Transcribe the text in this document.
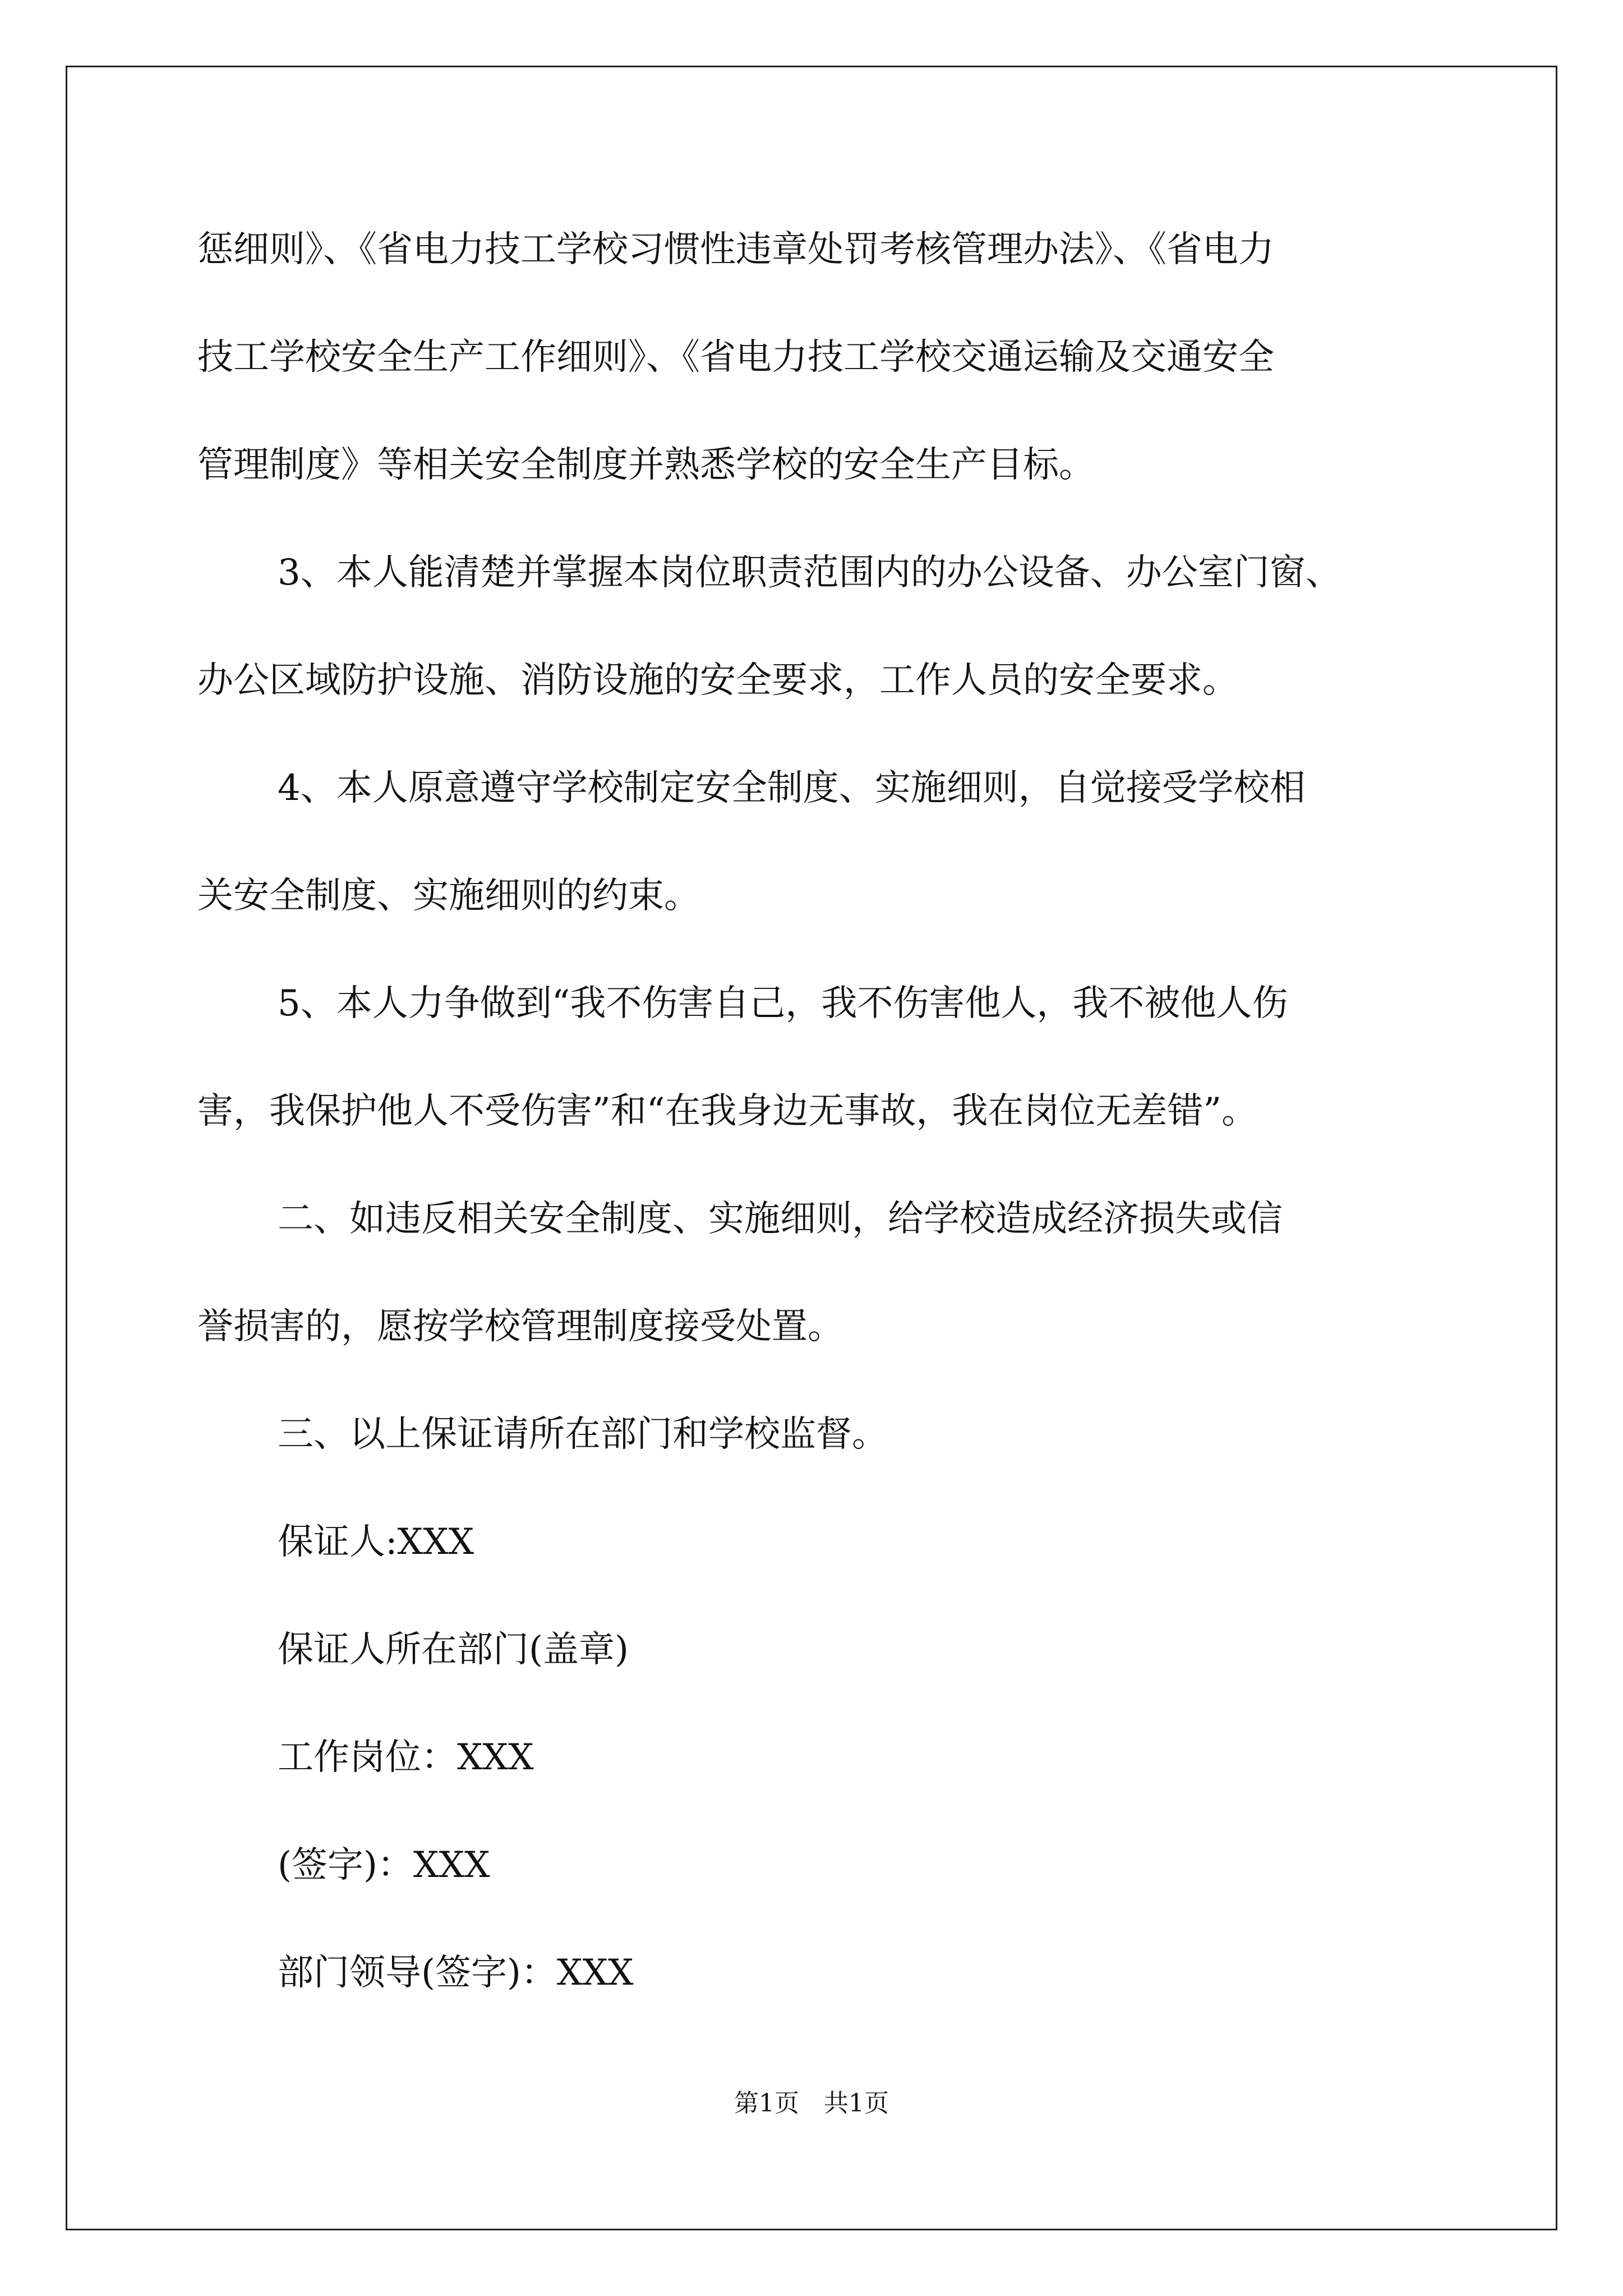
惩细则》、《省电力技工学校习惯性违章处罚考核管理办法》、《省电力
技工学校安全生产工作细则》、《省电力技工学校交通运输及交通安全
管理制度》等相关安全制度并熟悉学校的安全生产目标。
3、本人能清楚并掌握本岗位职责范围内的办公设备、办公室门窗、
办公区域防护设施、消防设施的安全要求，工作人员的安全要求。
4、本人原意遵守学校制定安全制度、实施细则，自觉接受学校相
关安全制度、实施细则的约束。
5、本人力争做到“我不伤害自己，我不伤害他人，我不被他人伤
害，我保护他人不受伤害”和“在我身边无事故，我在岗位无差错”。
二、如违反相关安全制度、实施细则，给学校造成经济损失或信
誉损害的，愿按学校管理制度接受处置。
三、以上保证请所在部门和学校监督。
保证人:XXX
保证人所在部门(盖章)
工作岗位：XXX
(签字)：XXX
部门领导(签字)：XXX
第1页　共1页
